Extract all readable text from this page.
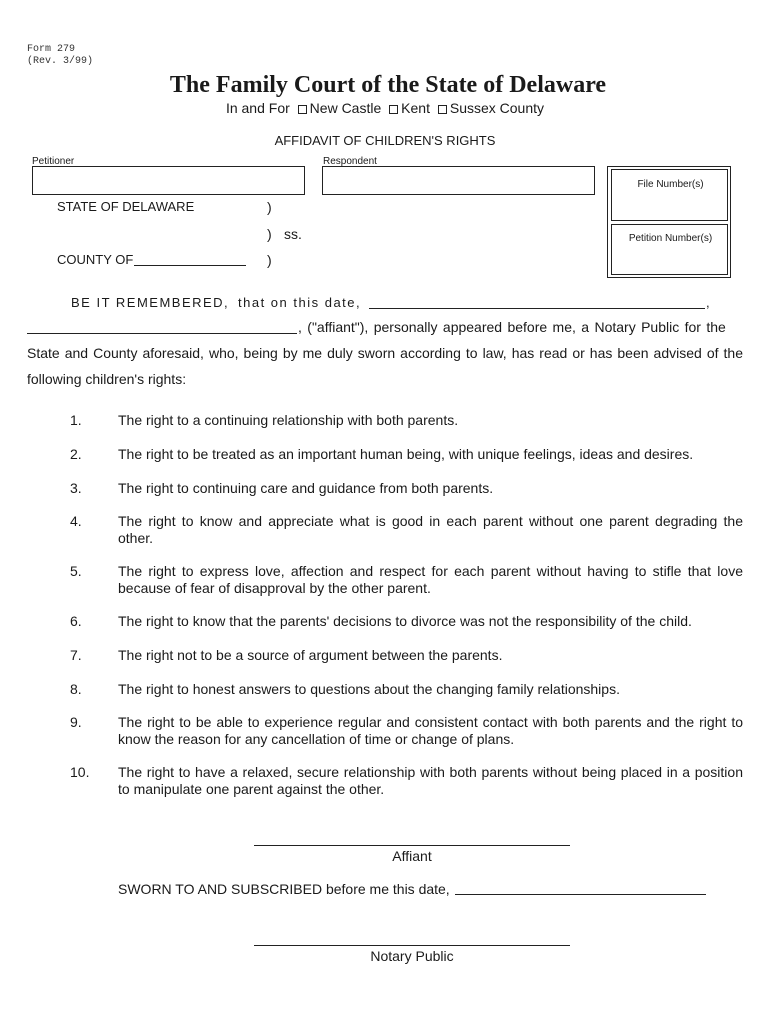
Form 279
(Rev. 3/99)
The Family Court of the State of Delaware
In and For New Castle Kent Sussex County
AFFIDAVIT OF CHILDREN'S RIGHTS
Petitioner	Respondent
File Number(s)
Petition Number(s)
STATE OF DELAWARE	)
) ss.
COUNTY OF	)
BE IT REMEMBERED, that on this date,	,
, ("affiant"), personally appeared before me, a Notary Public for the
State and County aforesaid, who, being by me duly sworn according to law, has read or has been advised of the following children's rights:
1.	The right to a continuing relationship with both parents.
2.	The right to be treated as an important human being, with unique feelings, ideas and desires.
3.	The right to continuing care and guidance from both parents.
4.	The right to know and appreciate what is good in each parent without one parent degrading the other.
5.	The right to express love, affection and respect for each parent without having to stifle that love because of fear of disapproval by the other parent.
6.	The right to know that the parents' decisions to divorce was not the responsibility of the child.
7.	The right not to be a source of argument between the parents.
8.	The right to honest answers to questions about the changing family relationships.
9.	The right to be able to experience regular and consistent contact with both parents and the right to know the reason for any cancellation of time or change of plans.
10. The right to have a relaxed, secure relationship with both parents without being placed in a position to manipulate one parent against the other.
Affiant
SWORN TO AND SUBSCRIBED before me this date,
Notary Public
